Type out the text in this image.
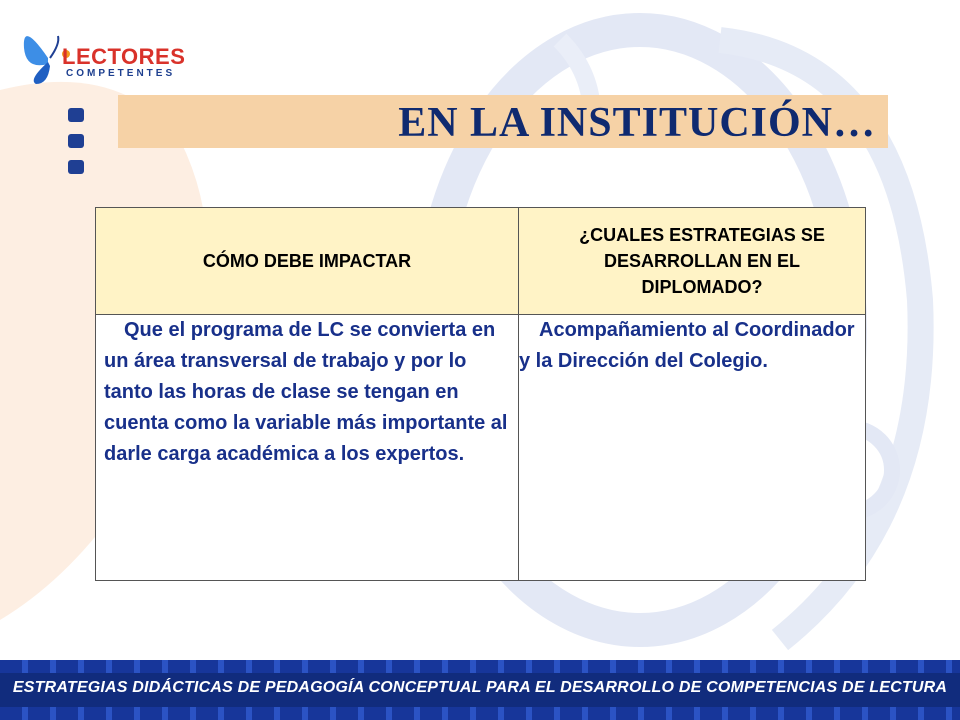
LECTORES
COMPETENTES
EN LA INSTITUCIÓN…
CÓMO DEBE IMPACTAR	¿CUALES ESTRATEGIAS SE DESARROLLAN EN EL DIPLOMADO?
Que el programa de LC se convierta en un área transversal de trabajo y por lo tanto las horas de clase se tengan en cuenta como la variable más importante al darle carga académica a los expertos.	Acompañamiento al Coordinador y la Dirección del Colegio.
ESTRATEGIAS DIDÁCTICAS DE PEDAGOGÍA CONCEPTUAL PARA EL DESARROLLO DE COMPETENCIAS DE LECTURA
